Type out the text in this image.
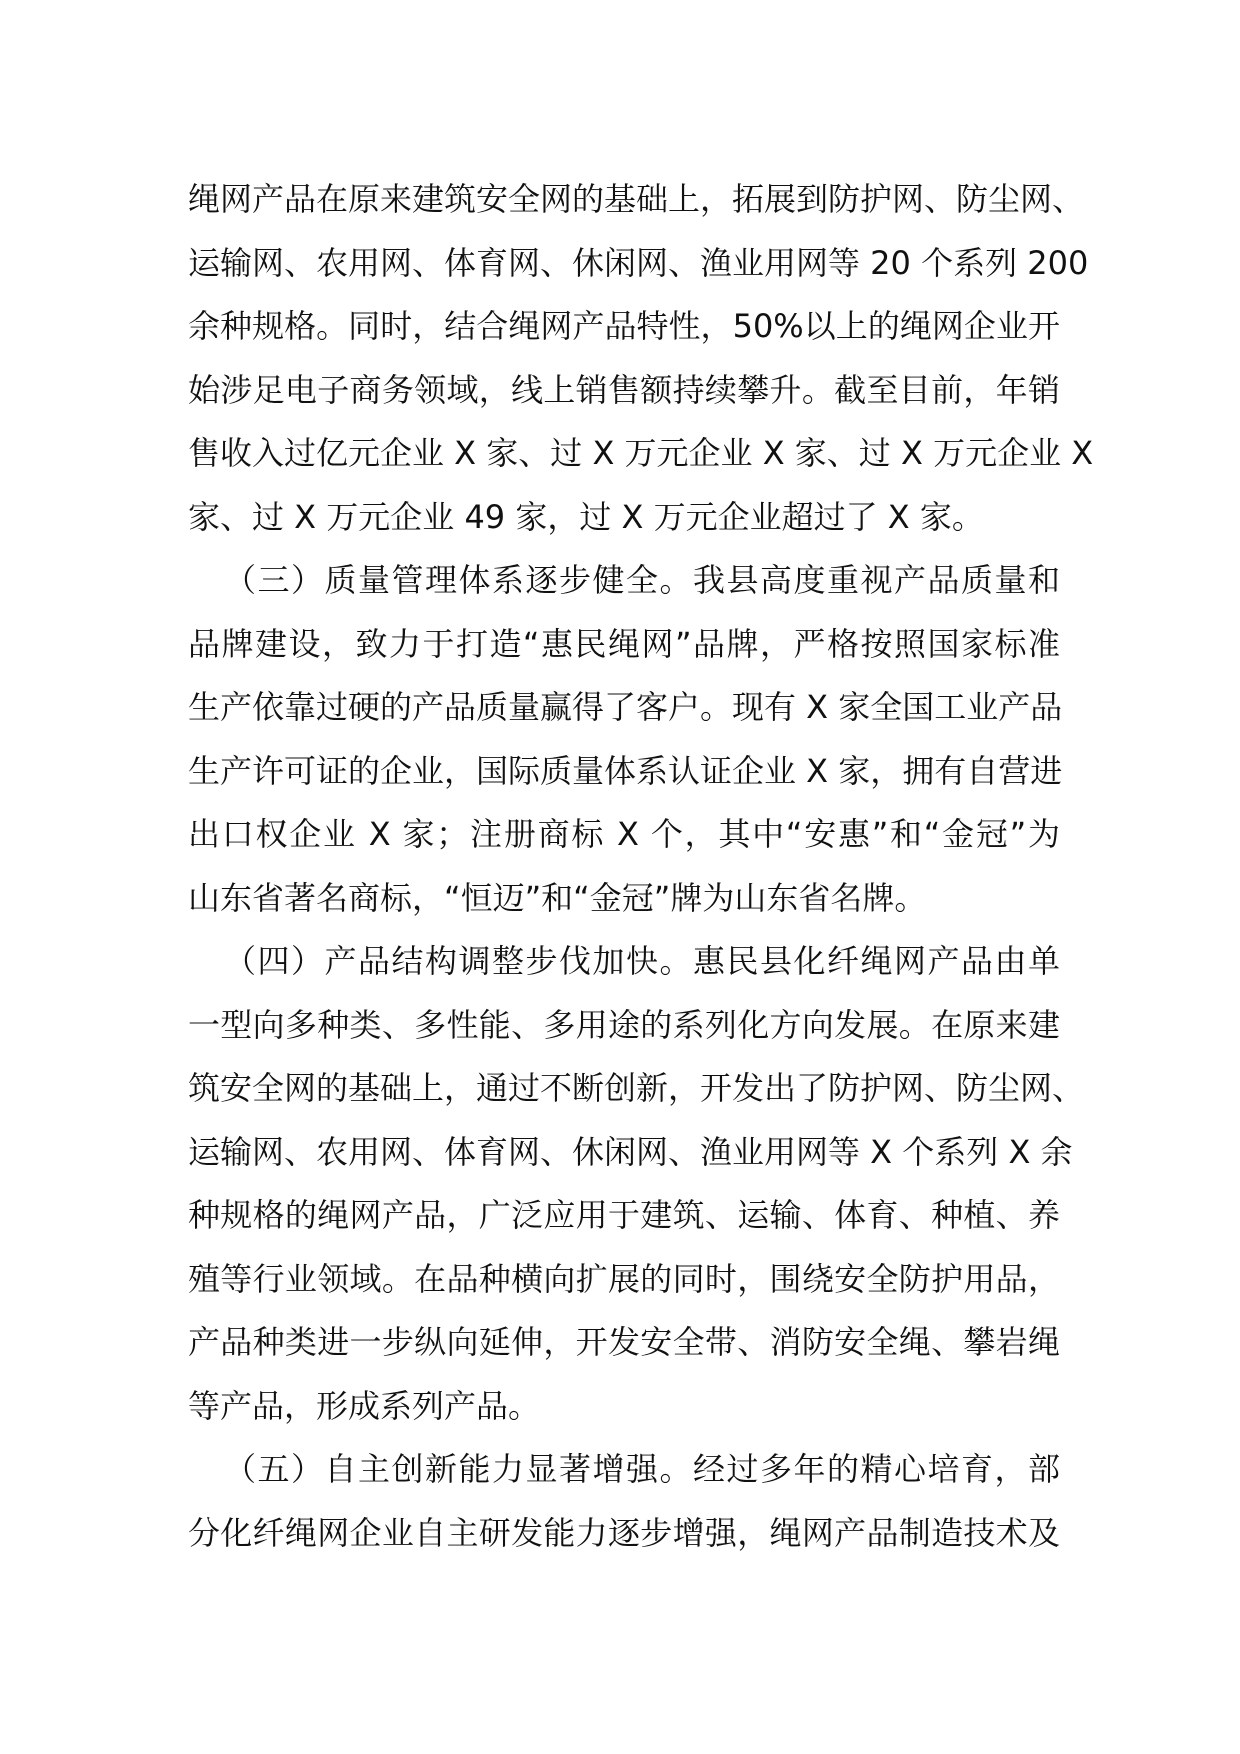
绳网产品在原来建筑安全网的基础上，拓展到防护网、防尘网、
运输网、农用网、体育网、休闲网、渔业用网等 20 个系列 200
余种规格。同时，结合绳网产品特性，50%以上的绳网企业开
始涉足电子商务领域，线上销售额持续攀升。截至目前，年销
售收入过亿元企业 X 家、过 X 万元企业 X 家、过 X 万元企业 X
家、过 X 万元企业 49 家，过 X 万元企业超过了 X 家。
（三）质量管理体系逐步健全。我县高度重视产品质量和
品牌建设，致力于打造“惠民绳网”品牌，严格按照国家标准
生产依靠过硬的产品质量赢得了客户。现有 X 家全国工业产品
生产许可证的企业，国际质量体系认证企业 X 家，拥有自营进
出口权企业 X 家；注册商标 X 个，其中“安惠”和“金冠”为
山东省著名商标，“恒迈”和“金冠”牌为山东省名牌。
（四）产品结构调整步伐加快。惠民县化纤绳网产品由单
一型向多种类、多性能、多用途的系列化方向发展。在原来建
筑安全网的基础上，通过不断创新，开发出了防护网、防尘网、
运输网、农用网、体育网、休闲网、渔业用网等 X 个系列 X 余
种规格的绳网产品，广泛应用于建筑、运输、体育、种植、养
殖等行业领域。在品种横向扩展的同时，围绕安全防护用品，
产品种类进一步纵向延伸，开发安全带、消防安全绳、攀岩绳
等产品，形成系列产品。
（五）自主创新能力显著增强。经过多年的精心培育，部
分化纤绳网企业自主研发能力逐步增强，绳网产品制造技术及
